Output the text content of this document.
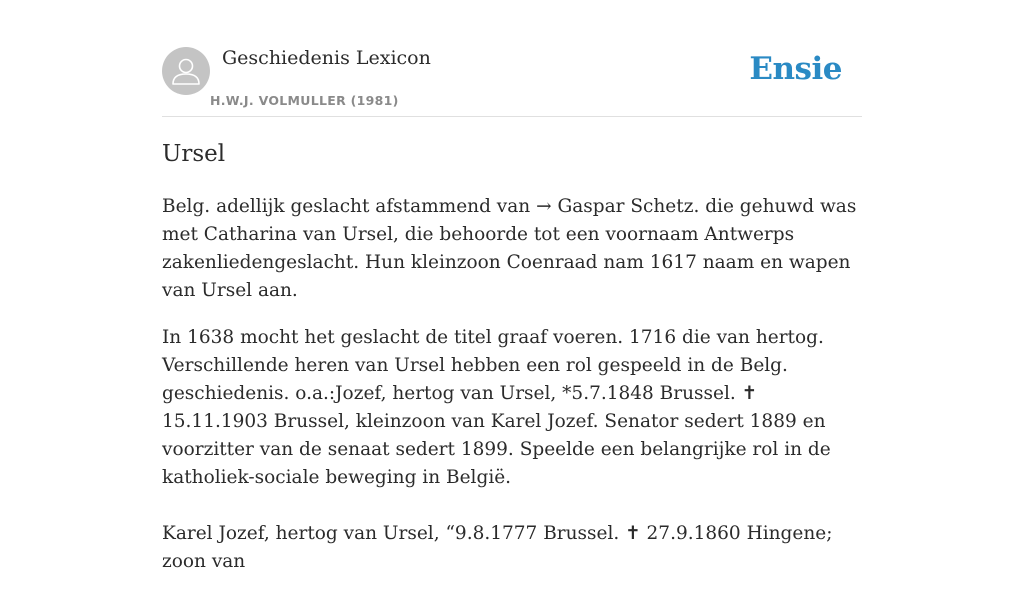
Geschiedenis Lexicon
H.W.J. VOLMULLER (1981)
Ensie
Ursel

Belg. adellijk geslacht afstammend van → Gaspar Schetz. die gehuwd was met Catharina van Ursel, die behoorde tot een voornaam Antwerps zakenliedengeslacht. Hun kleinzoon Coenraad nam 1617 naam en wapen van Ursel aan.

In 1638 mocht het geslacht de titel graaf voeren. 1716 die van hertog. Verschillende heren van Ursel hebben een rol gespeeld in de Belg. geschiedenis. o.a.:Jozef, hertog van Ursel, *5.7.1848 Brussel. ✝ 15.11.1903 Brussel, kleinzoon van Karel Jozef. Senator sedert 1889 en voorzitter van de senaat sedert 1899. Speelde een belangrijke rol in de katholiek-sociale beweging in België.

Karel Jozef, hertog van Ursel, “9.8.1777 Brussel. ✝ 27.9.1860 Hingene; zoon van
